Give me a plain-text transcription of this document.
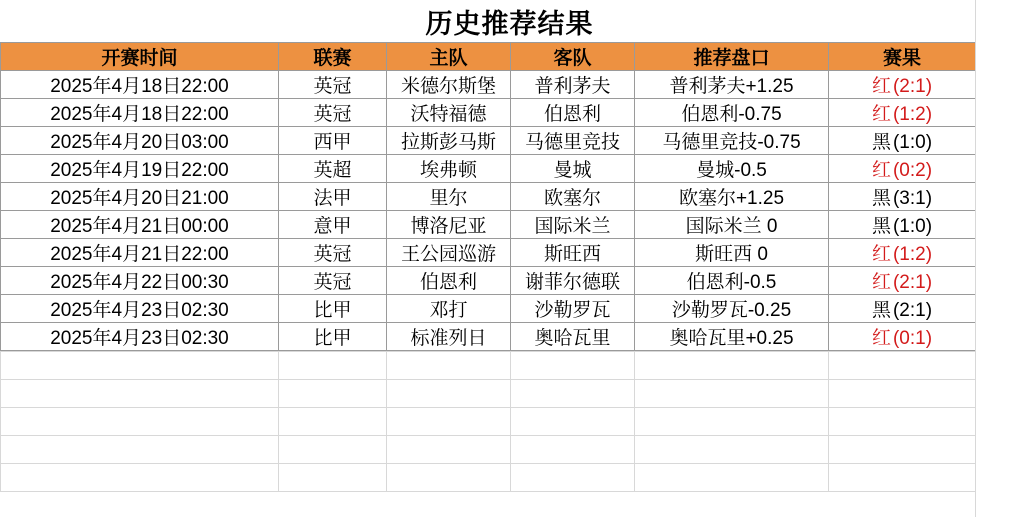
历史推荐结果
开赛时间	联赛	主队	客队	推荐盘口	赛果
2025年4月18日22:00	英冠	米德尔斯堡	普利茅夫	普利茅夫+1.25	红 (2:1)
2025年4月18日22:00	英冠	沃特福德	伯恩利	伯恩利-0.75	红 (1:2)
2025年4月20日03:00	西甲	拉斯彭马斯	马德里竞技	马德里竞技-0.75	黑 (1:0)
2025年4月19日22:00	英超	埃弗顿	曼城	曼城-0.5	红 (0:2)
2025年4月20日21:00	法甲	里尔	欧塞尔	欧塞尔+1.25	黑 (3:1)
2025年4月21日00:00	意甲	博洛尼亚	国际米兰	国际米兰 0	黑 (1:0)
2025年4月21日22:00	英冠	王公园巡游	斯旺西	斯旺西 0	红 (1:2)
2025年4月22日00:30	英冠	伯恩利	谢菲尔德联	伯恩利-0.5	红 (2:1)
2025年4月23日02:30	比甲	邓打	沙勒罗瓦	沙勒罗瓦-0.25	黑 (2:1)
2025年4月23日02:30	比甲	标准列日	奥哈瓦里	奥哈瓦里+0.25	红 (0:1)
